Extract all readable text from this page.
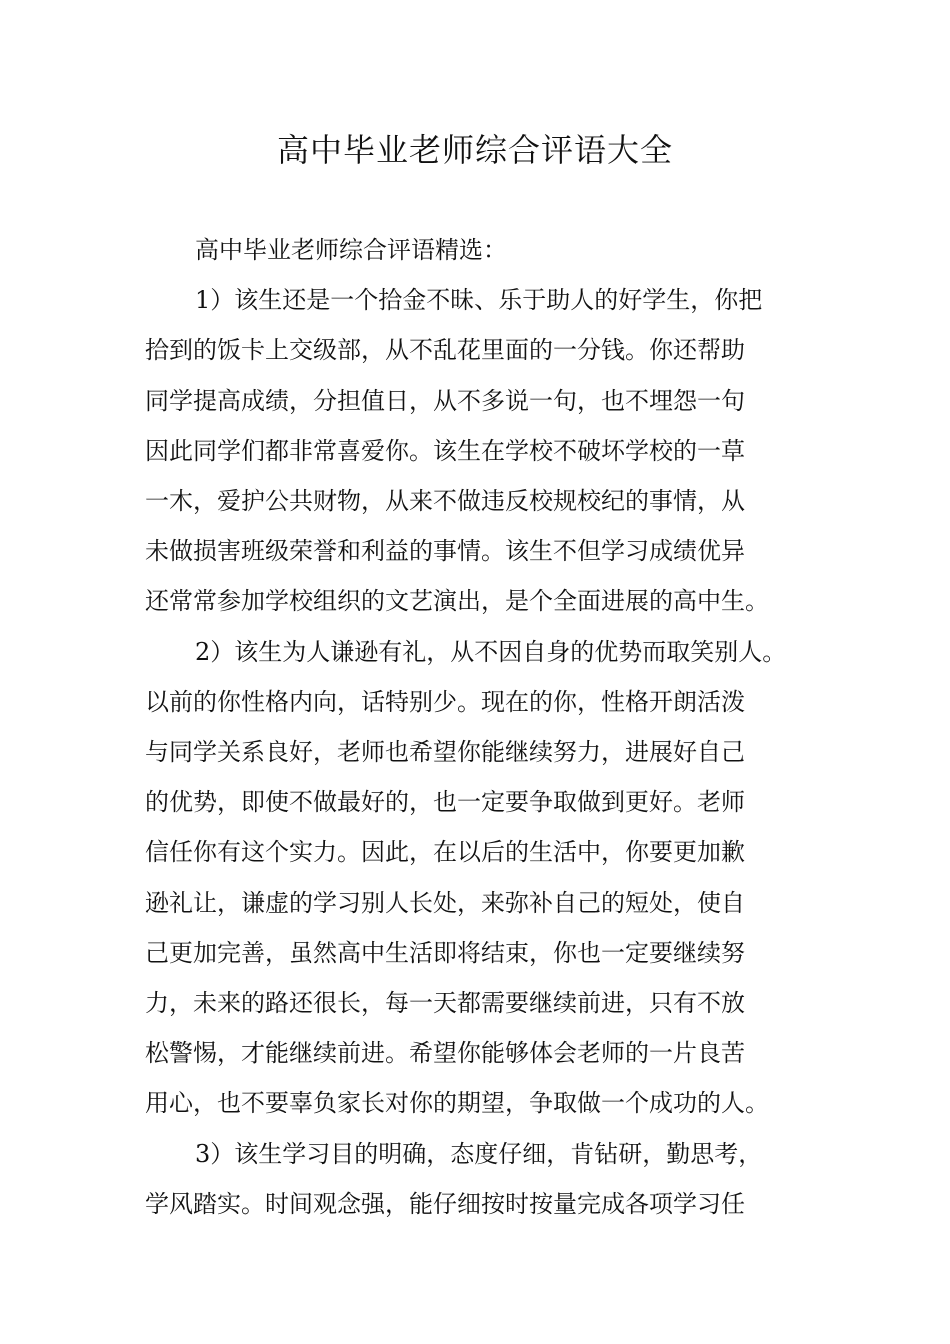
高中毕业老师综合评语大全
高中毕业老师综合评语精选：
1）该生还是一个拾金不昧、乐于助人的好学生，你把
拾到的饭卡上交级部，从不乱花里面的一分钱。你还帮助
同学提高成绩，分担值日，从不多说一句，也不埋怨一句
因此同学们都非常喜爱你。该生在学校不破坏学校的一草
一木，爱护公共财物，从来不做违反校规校纪的事情，从
未做损害班级荣誉和利益的事情。该生不但学习成绩优异
还常常参加学校组织的文艺演出，是个全面进展的高中生。
2）该生为人谦逊有礼，从不因自身的优势而取笑别人。
以前的你性格内向，话特别少。现在的你，性格开朗活泼
与同学关系良好，老师也希望你能继续努力，进展好自己
的优势，即使不做最好的，也一定要争取做到更好。老师
信任你有这个实力。因此，在以后的生活中，你要更加歉
逊礼让，谦虚的学习别人长处，来弥补自己的短处，使自
己更加完善，虽然高中生活即将结束，你也一定要继续努
力，未来的路还很长，每一天都需要继续前进，只有不放
松警惕，才能继续前进。希望你能够体会老师的一片良苦
用心，也不要辜负家长对你的期望，争取做一个成功的人。
3）该生学习目的明确，态度仔细，肯钻研，勤思考，
学风踏实。时间观念强，能仔细按时按量完成各项学习任
